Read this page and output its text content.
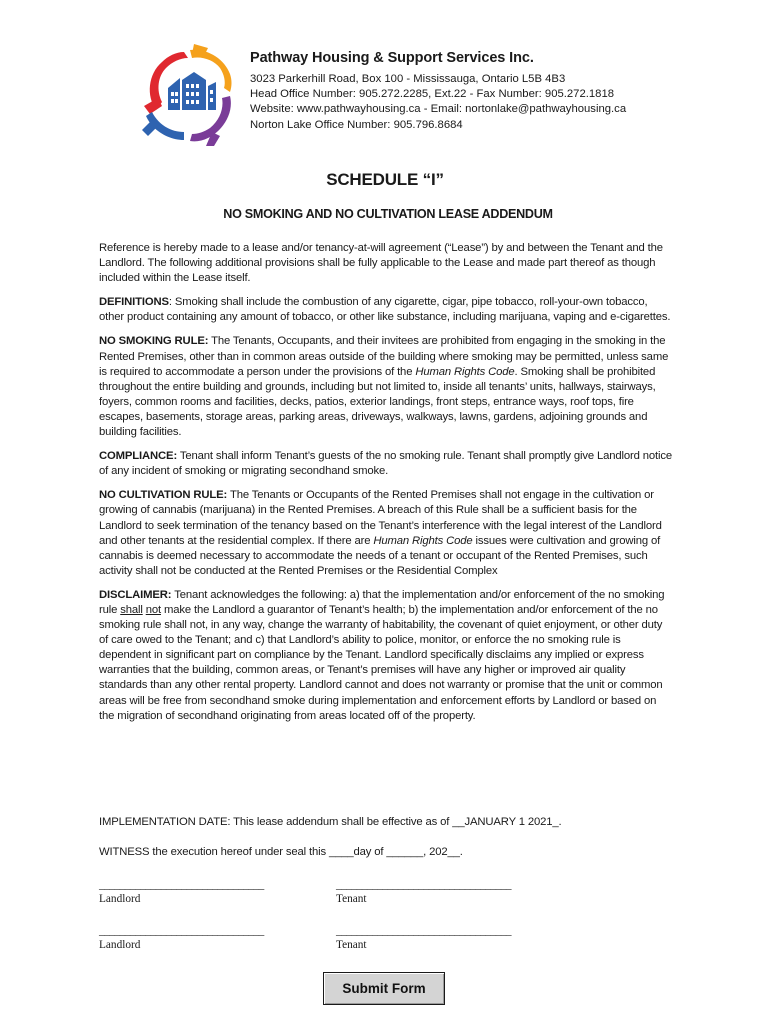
Pathway Housing & Support Services Inc.
3023 Parkerhill Road, Box 100 - Mississauga, Ontario L5B 4B3
Head Office Number: 905.272.2285, Ext.22 - Fax Number: 905.272.1818
Website: www.pathwayhousing.ca - Email: nortonlake@pathwayhousing.ca
Norton Lake Office Number: 905.796.8684
SCHEDULE “I”
NO SMOKING AND NO CULTIVATION LEASE ADDENDUM

Reference is hereby made to a lease and/or tenancy-at-will agreement (“Lease”) by and between the Tenant and the Landlord. The following additional provisions shall be fully applicable to the Lease and made part thereof as though included within the Lease itself.

DEFINITIONS: Smoking shall include the combustion of any cigarette, cigar, pipe tobacco, roll-your-own tobacco, other product containing any amount of tobacco, or other like substance, including marijuana, vaping and e-cigarettes.

NO SMOKING RULE: The Tenants, Occupants, and their invitees are prohibited from engaging in the smoking in the Rented Premises, other than in common areas outside of the building where smoking may be permitted, unless same is required to accommodate a person under the provisions of the Human Rights Code. Smoking shall be prohibited throughout the entire building and grounds, including but not limited to, inside all tenants’ units, hallways, stairways, foyers, common rooms and facilities, decks, patios, exterior landings, front steps, entrance ways, roof tops, fire escapes, basements, storage areas, parking areas, driveways, walkways, lawns, gardens, adjoining grounds and building facilities.

COMPLIANCE: Tenant shall inform Tenant’s guests of the no smoking rule. Tenant shall promptly give Landlord notice of any incident of smoking or migrating secondhand smoke.

NO CULTIVATION RULE: The Tenants or Occupants of the Rented Premises shall not engage in the cultivation or growing of cannabis (marijuana) in the Rented Premises. A breach of this Rule shall be a sufficient basis for the Landlord to seek termination of the tenancy based on the Tenant’s interference with the legal interest of the Landlord and other tenants at the residential complex. If there are Human Rights Code issues were cultivation and growing of cannabis is deemed necessary to accommodate the needs of a tenant or occupant of the Rented Premises, such activity shall not be conducted at the Rented Premises or the Residential Complex

DISCLAIMER: Tenant acknowledges the following: a) that the implementation and/or enforcement of the no smoking rule shall not make the Landlord a guarantor of Tenant’s health; b) the implementation and/or enforcement of the no smoking rule shall not, in any way, change the warranty of habitability, the covenant of quiet enjoyment, or other duty of care owed to the Tenant; and c) that Landlord’s ability to police, monitor, or enforce the no smoking rule is dependent in significant part on compliance by the Tenant. Landlord specifically disclaims any implied or express warranties that the building, common areas, or Tenant’s premises will have any higher or improved air quality standards than any other rental property. Landlord cannot and does not warranty or promise that the unit or common areas will be free from secondhand smoke during implementation and enforcement efforts by Landlord or based on the migration of secondhand originating from areas located off of the property.

IMPLEMENTATION DATE: This lease addendum shall be effective as of __JANUARY 1 2021_.
WITNESS the execution hereof under seal this ____day of ______, 202__.
________________________________
Landlord
__________________________________
Tenant
________________________________
Landlord
__________________________________
Tenant
Submit Form
